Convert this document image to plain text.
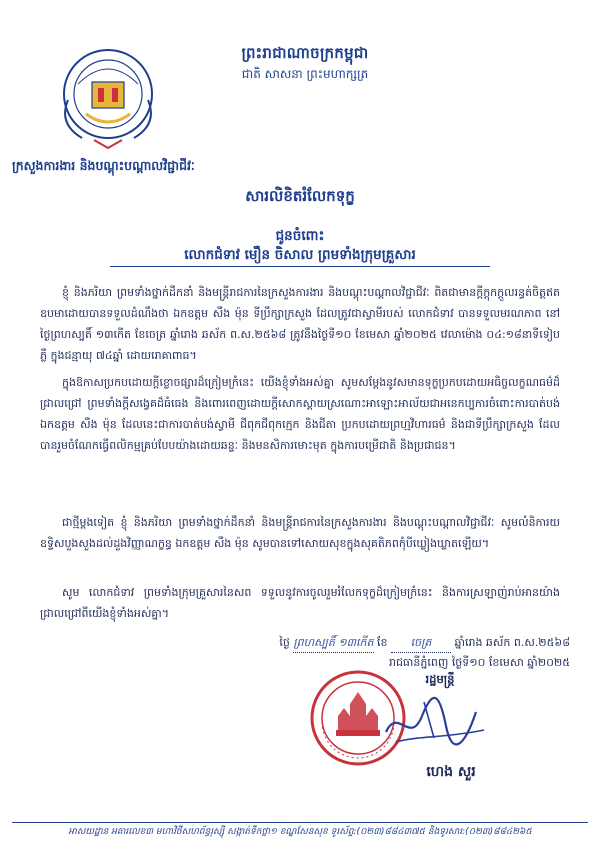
ព្រះរាជាណាចក្រកម្ពុជា
ជាតិ សាសនា ព្រះមហាក្សត្រ
ក្រសួងការងារ និងបណ្តុះបណ្តាលវិជ្ជាជីវៈ
សារលិខិតរំលែកទុក្ខ
ជូនចំពោះ
លោកជំទាវ មឿន ចិសាល ព្រមទាំងក្រុមគ្រួសារ
ខ្ញុំ និងភរិយា ព្រមទាំងថ្នាក់ដឹកនាំ និងមន្ត្រីរាជការនៃក្រសួងការងារ និងបណ្តុះបណ្តាលវិជ្ជាជីវៈ ពិតជាមានក្តីក្តុកក្តួលរន្ធត់ចិត្តឥតឧបមាដោយបានទទួលដំណឹងថា ឯកឧត្តម សឺង ម៉ុន ទីប្រឹក្សាក្រសួង ដែលត្រូវជាស្វាមីរបស់ លោកជំទាវ បានទទួលមរណភាព នៅថ្ងៃព្រហស្បតិ៍ ១៣កើត ខែចេត្រ ឆ្នាំរោង ឆស័ក ព.ស.២៥៦៨ ត្រូវនឹងថ្ងៃទី១០ ខែមេសា ឆ្នាំ២០២៥ វេលាម៉ោង ០៤:១៨នាទីទៀបភ្លឺ ក្នុងជន្មាយុ ៧៤ឆ្នាំ ដោយរោគាពាធ។
ក្នុងឱកាសប្រកបដោយក្តីខ្លោចផ្សារដ៏ក្រៀមក្រំនេះ យើងខ្ញុំទាំងអស់គ្នា សូមសម្តែងនូវសមានទុក្ខប្រកបដោយអធិច្ចលក្ខណធម៌ដ៏ជ្រាលជ្រៅ ព្រមទាំងក្តីសង្វេគដ៏ធំធេង និងពោរពេញដោយក្តីសោកស្តាយស្រណោះអាឡោះអាល័យជាអនេកប្បការចំពោះការបាត់បង់ ឯកឧត្តម សឺង ម៉ុន ដែលនេះជាការបាត់បង់ស្វាមី ជីពុកជីពុកក្មេក និងជីតា ប្រកបដោយព្រហ្មវិហារធម៌ និងជាទីប្រឹក្សាក្រសួង ដែលបានរួមចំណែកធ្វើពលិកម្មគ្រប់បែបយ៉ាងដោយឆន្ទៈ និងមនសិការមោះមុត ក្នុងការបម្រើជាតិ និងប្រជាជន។
ជាថ្មីម្តងទៀត ខ្ញុំ និងភរិយា ព្រមទាំងថ្នាក់ដឹកនាំ និងមន្ត្រីរាជការនៃក្រសួងការងារ និងបណ្តុះបណ្តាលវិជ្ជាជីវៈ សូមលំនិការយឧទ្ទិសបួងសួងដល់ដួងវិញ្ញាណក្ខន្ធ ឯកឧត្តម សឺង ម៉ុន សូមបានទៅសោយសុខក្នុងសុគតិភពកុំបីឃ្លៀងឃ្លាតឡើយ។
សូម លោកជំទាវ ព្រមទាំងក្រុមគ្រួសារនៃសព ទទួលនូវការចូលរួមរំលែកទុក្ខដ៏ក្រៀមក្រំនេះ និងការស្រឡាញ់រាប់អានយ៉ាងជ្រាលជ្រៅពីយើងខ្ញុំទាំងអស់គ្នា។
ថ្ងៃ ព្រហស្បតិ៍ ១៣កើត ខែ ចេត្រ ឆ្នាំរោង ឆស័ក ព.ស.២៥៦៨
រាជធានីភ្នំពេញ ថ្ងៃទី១០ ខែមេសា ឆ្នាំ២០២៥
រដ្ឋមន្ត្រី
ហេង សួរ
អាសយដ្ឋាន អគារលេខ៣ មហាវិថីសហព័ន្ធរុស្ស៊ី សង្កាត់ទឹកថ្លា១ ខណ្ឌសែនសុខ ទូរស័ព្ទ:(០២៣)៨៨៤៣៧៥ និងទូរសារ:(០២៣)៨៨៤២៦៥
